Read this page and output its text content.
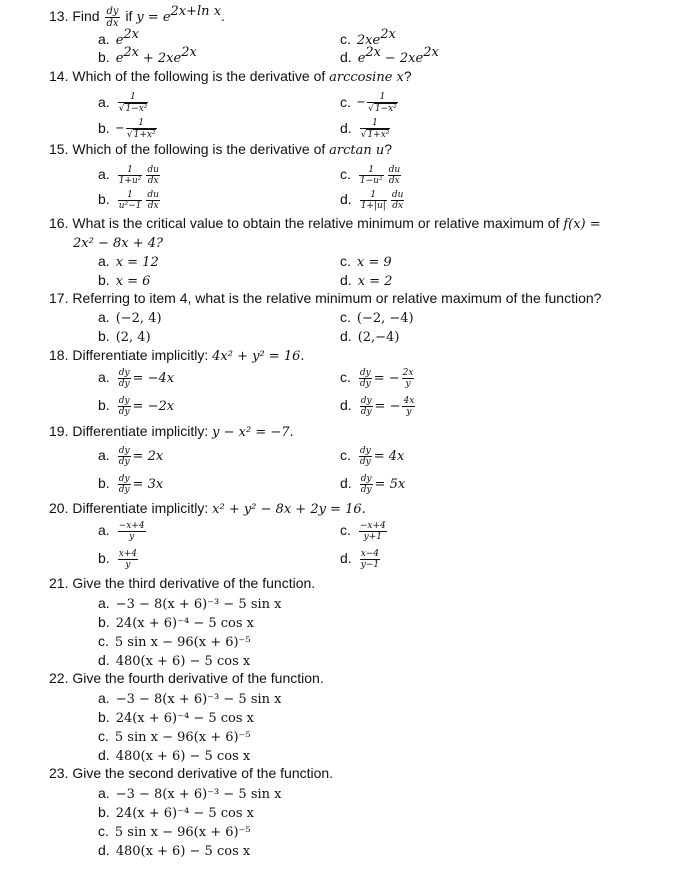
13. Find $\frac{dy}{dx}$ if $y = e^{2x+ln x}$.
a. $e^{2x}$	c. $2xe^{2x}$
b. $e^{2x} + 2xe^{2x}$	d. $e^{2x} - 2xe^{2x}$
14. Which of the following is the derivative of arccosine x?
a. $\frac{1}{\text{√1−x²}}$	c. − $\frac{1}{\text{√1−x²}}$
b. − $\frac{1}{\text{√1+x²}}$	d. $\frac{1}{\text{√1+x²}}$
15. Which of the following is the derivative of arctan u?
a. $\frac{1}{\text{1+u²}} \frac{du}{dx}$	c. $\frac{1}{\text{1−u²}} \frac{du}{dx}$
b. $\frac{1}{\text{u²−1}} \frac{du}{dx}$	d. $\frac{1}{1+|u|} \frac{du}{dx}$
16. What is the critical value to obtain the relative minimum or relative maximum of f(x) =
2x² − 8x + 4?
a. x = 12	c. x = 9
b. x = 6	d. x = 2
17. Referring to item 4, what is the relative minimum or relative maximum of the function?
a. (−2, 4)	c. (−2, −4)
b. (2, 4)	d. (2,−4)
18. Differentiate implicitly: 4x² + y² = 16.
a. $\frac{dy}{dy} = -4x$	c. $\frac{dy}{dy}$ = − $\frac{2x}{y}$
b. $\frac{dy}{dy} = -2x$	d. $\frac{dy}{dy}$ = − $\frac{4x}{y}$
19. Differentiate implicitly: y − x² = −7.
a. $\frac{dy}{dy} = 2x$	c. $\frac{dy}{dy} = 4x$
b. $\frac{dy}{dy} = 3x$	d. $\frac{dy}{dy} = 5x$
20. Differentiate implicitly: x² + y² − 8x + 2y = 16.
a. $\frac{-x+4}{y}$	c. $\frac{-x+4}{y+1}$
b. $\frac{x+4}{y}$	d. $\frac{x-4}{y-1}$
21. Give the third derivative of the function.
a. −3 − 8(x + 6)⁻³ − 5 sin x
b. 24(x + 6)⁻⁴ − 5 cos x
c. 5 sin x − 96(x + 6)⁻⁵
d. 480(x + 6) − 5 cos x
22. Give the fourth derivative of the function.
a. −3 − 8(x + 6)⁻³ − 5 sin x
b. 24(x + 6)⁻⁴ − 5 cos x
c. 5 sin x − 96(x + 6)⁻⁵
d. 480(x + 6) − 5 cos x
23. Give the second derivative of the function.
a. −3 − 8(x + 6)⁻³ − 5 sin x
b. 24(x + 6)⁻⁴ − 5 cos x
c. 5 sin x − 96(x + 6)⁻⁵
d. 480(x + 6) − 5 cos x
